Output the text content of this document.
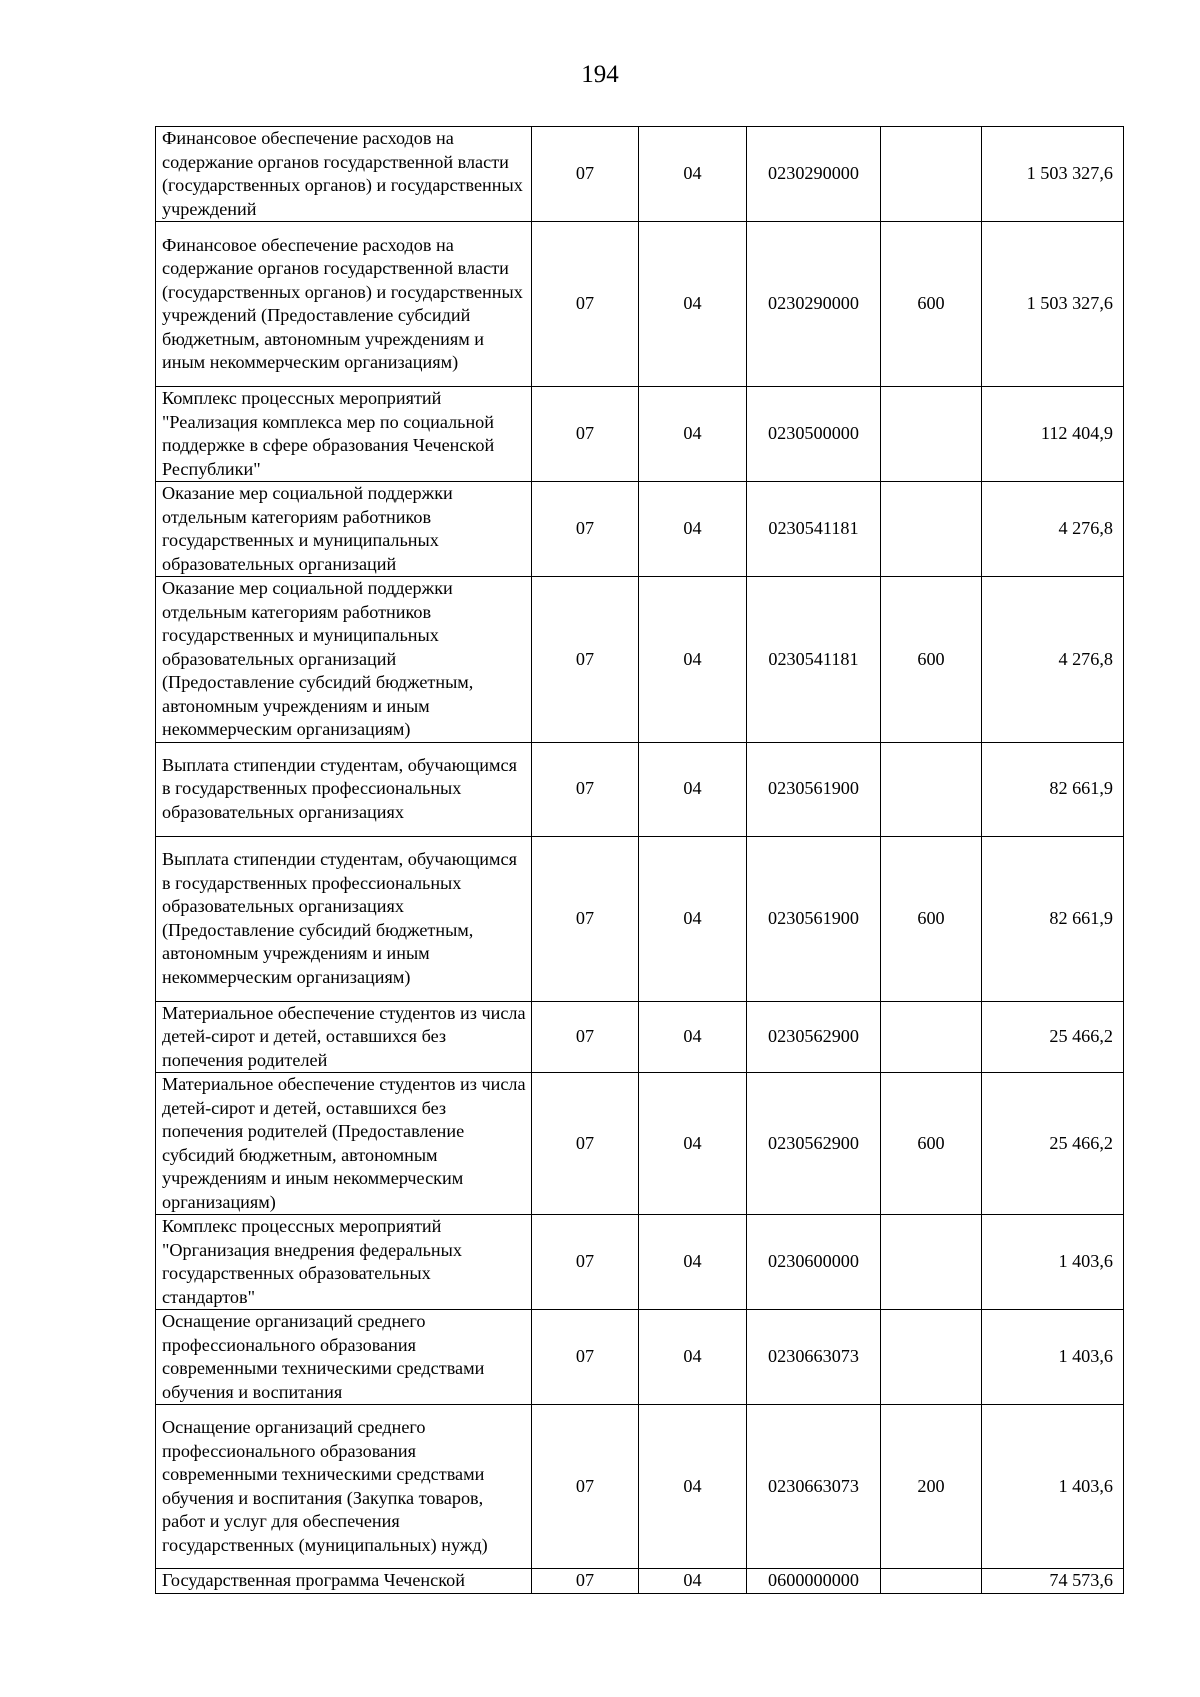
194
Финансовое обеспечение расходов на содержание органов государственной власти (государственных органов) и государственных учреждений	07	04	0230290000		1 503 327,6
Финансовое обеспечение расходов на содержание органов государственной власти (государственных органов) и государственных учреждений (Предоставление субсидий бюджетным, автономным учреждениям и иным некоммерческим организациям)	07	04	0230290000	600	1 503 327,6
Комплекс процессных мероприятий "Реализация комплекса мер по социальной поддержке в сфере образования Чеченской Республики"	07	04	0230500000		112 404,9
Оказание мер социальной поддержки отдельным категориям работников государственных и муниципальных образовательных организаций	07	04	0230541181		4 276,8
Оказание мер социальной поддержки отдельным категориям работников государственных и муниципальных образовательных организаций (Предоставление субсидий бюджетным, автономным учреждениям и иным некоммерческим организациям)	07	04	0230541181	600	4 276,8
Выплата стипендии студентам, обучающимся в государственных профессиональных образовательных организациях	07	04	0230561900		82 661,9
Выплата стипендии студентам, обучающимся в государственных профессиональных образовательных организациях (Предоставление субсидий бюджетным, автономным учреждениям и иным некоммерческим организациям)	07	04	0230561900	600	82 661,9
Материальное обеспечение студентов из числа детей-сирот и детей, оставшихся без попечения родителей	07	04	0230562900		25 466,2
Материальное обеспечение студентов из числа детей-сирот и детей, оставшихся без попечения родителей (Предоставление субсидий бюджетным, автономным учреждениям и иным некоммерческим организациям)	07	04	0230562900	600	25 466,2
Комплекс процессных мероприятий "Организация внедрения федеральных государственных образовательных стандартов"	07	04	0230600000		1 403,6
Оснащение организаций среднего профессионального образования современными техническими средствами обучения и воспитания	07	04	0230663073		1 403,6
Оснащение организаций среднего профессионального образования современными техническими средствами обучения и воспитания (Закупка товаров, работ и услуг для обеспечения государственных (муниципальных) нужд)	07	04	0230663073	200	1 403,6
Государственная программа Чеченской	07	04	0600000000		74 573,6
